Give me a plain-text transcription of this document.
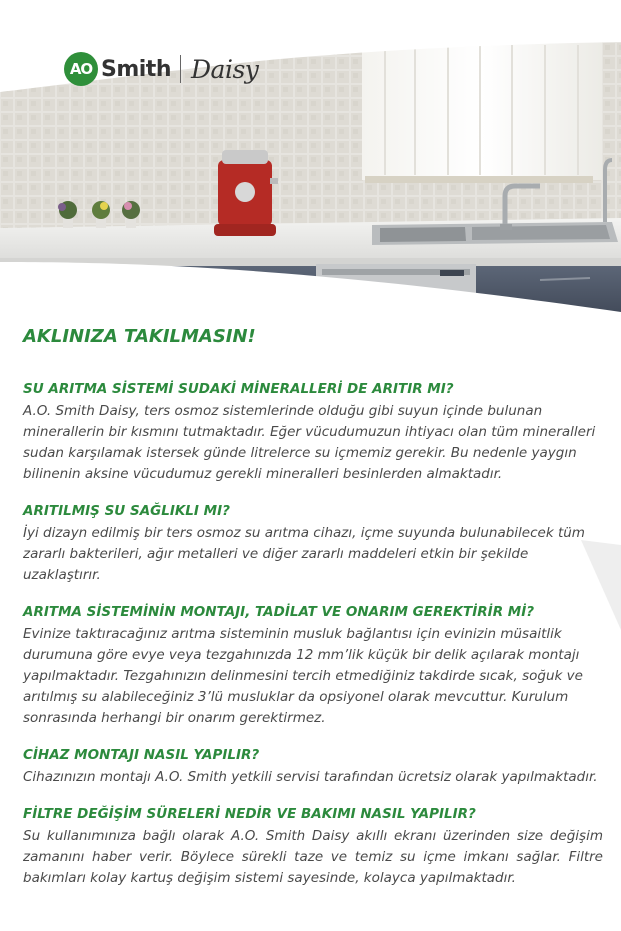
AO Smith Daisy
AKLINIZA TAKILMASIN!

SU ARITMA SİSTEMİ SUDAKİ MİNERALLERİ DE ARITIR MI?

A.O. Smith Daisy, ters osmoz sistemlerinde olduğu gibi suyun içinde bulunan minerallerin bir kısmını tutmaktadır. Eğer vücudumuzun ihtiyacı olan tüm mineralleri sudan karşılamak istersek günde litrelerce su içmemiz gerekir. Bu nedenle yaygın bilinenin aksine vücudumuz gerekli mineralleri besinlerden almaktadır.

ARITILMIŞ SU SAĞLIKLI MI?

İyi dizayn edilmiş bir ters osmoz su arıtma cihazı, içme suyunda bulunabilecek tüm zararlı bakterileri, ağır metalleri ve diğer zararlı maddeleri etkin bir şekilde uzaklaştırır.

ARITMA SİSTEMİNİN MONTAJI, TADİLAT VE ONARIM GEREKTİRİR Mİ?

Evinize taktıracağınız arıtma sisteminin musluk bağlantısı için evinizin müsaitlik durumuna göre evye veya tezgahınızda 12 mm’lik küçük bir delik açılarak montajı yapılmaktadır. Tezgahınızın delinmesini tercih etmediğiniz takdirde sıcak, soğuk ve arıtılmış su alabileceğiniz 3’lü musluklar da opsiyonel olarak mevcuttur. Kurulum sonrasında herhangi bir onarım gerektirmez.

CİHAZ MONTAJI NASIL YAPILIR?

Cihazınızın montajı A.O. Smith yetkili servisi tarafından ücretsiz olarak yapılmaktadır.

FİLTRE DEĞİŞİM SÜRELERİ NEDİR VE BAKIMI NASIL YAPILIR?

Su kullanımınıza bağlı olarak A.O. Smith Daisy akıllı ekranı üzerinden size değişim zamanını haber verir. Böylece sürekli taze ve temiz su içme imkanı sağlar. Filtre bakımları kolay kartuş değişim sistemi sayesinde, kolayca yapılmaktadır.
